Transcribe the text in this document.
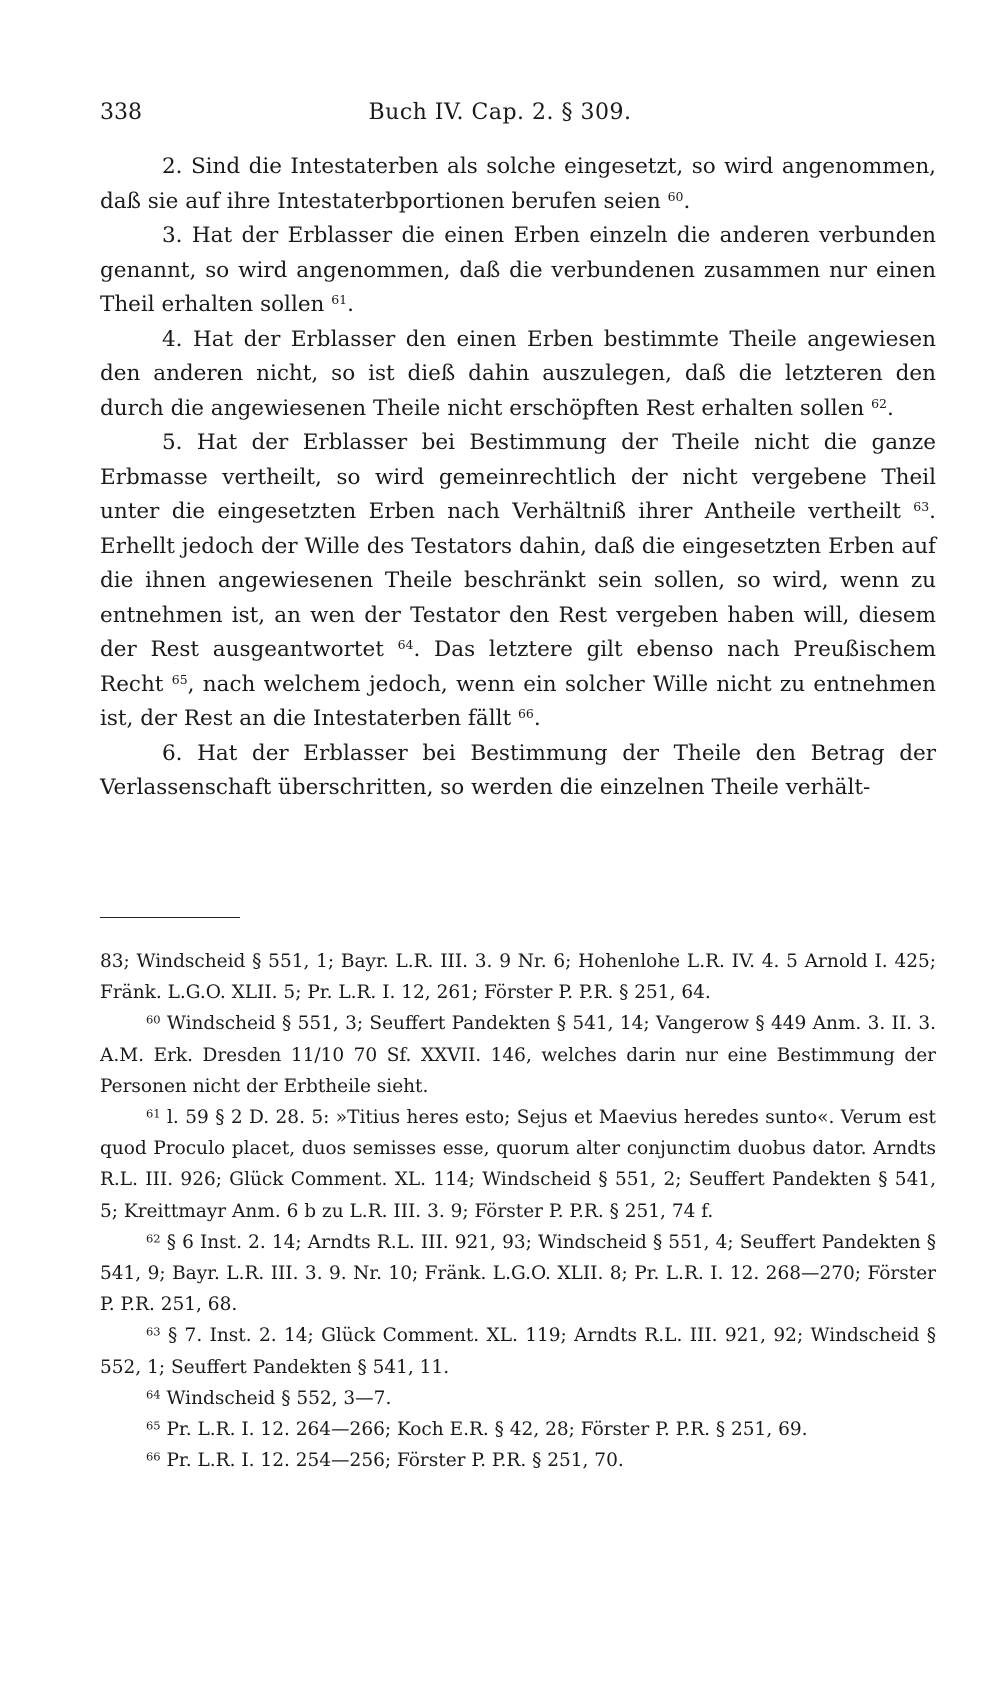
338	Buch IV. Cap. 2. § 309.

2. Sind die Intestaterben als solche eingesetzt, so wird angenommen, daß sie auf ihre Intestaterbportionen berufen seien $^{60}$.

3. Hat der Erblasser die einen Erben einzeln die anderen verbunden genannt, so wird angenommen, daß die verbundenen zusammen nur einen Theil erhalten sollen $^{61}$.

4. Hat der Erblasser den einen Erben bestimmte Theile angewiesen den anderen nicht, so ist dieß dahin auszulegen, daß die letzteren den durch die angewiesenen Theile nicht erschöpften Rest erhalten sollen $^{62}$.

5. Hat der Erblasser bei Bestimmung der Theile nicht die ganze Erbmasse vertheilt, so wird gemeinrechtlich der nicht vergebene Theil unter die eingesetzten Erben nach Verhältniß ihrer Antheile vertheilt $^{63}$. Erhellt jedoch der Wille des Testators dahin, daß die eingesetzten Erben auf die ihnen angewiesenen Theile beschränkt sein sollen, so wird, wenn zu entnehmen ist, an wen der Testator den Rest vergeben haben will, diesem der Rest ausgeantwortet $^{64}$. Das letztere gilt ebenso nach Preußischem Recht $^{65}$, nach welchem jedoch, wenn ein solcher Wille nicht zu entnehmen ist, der Rest an die Intestaterben fällt $^{66}$.

6. Hat der Erblasser bei Bestimmung der Theile den Betrag der Verlassenschaft überschritten, so werden die einzelnen Theile verhält-

83; Windscheid § 551, 1; Bayr. L.R. III. 3. 9 Nr. 6; Hohenlohe L.R. IV. 4. 5 Arnold I. 425; Fränk. L.G.O. XLII. 5; Pr. L.R. I. 12, 261; Förster P. P.R. § 251, 64.

$^{60}$ Windscheid § 551, 3; Seuffert Pandekten § 541, 14; Vangerow § 449 Anm. 3. II. 3. A.M. Erk. Dresden 11/10 70 Sf. XXVII. 146, welches darin nur eine Bestimmung der Personen nicht der Erbtheile sieht.

$^{61}$ l. 59 § 2 D. 28. 5: »Titius heres esto; Sejus et Maevius heredes sunto«. Verum est quod Proculo placet, duos semisses esse, quorum alter conjunctim duobus dator. Arndts R.L. III. 926; Glück Comment. XL. 114; Windscheid § 551, 2; Seuffert Pandekten § 541, 5; Kreittmayr Anm. 6 b zu L.R. III. 3. 9; Förster P. P.R. § 251, 74 f.

$^{62}$ § 6 Inst. 2. 14; Arndts R.L. III. 921, 93; Windscheid § 551, 4; Seuffert Pandekten § 541, 9; Bayr. L.R. III. 3. 9. Nr. 10; Fränk. L.G.O. XLII. 8; Pr. L.R. I. 12. 268—270; Förster P. P.R. 251, 68.

$^{63}$ § 7. Inst. 2. 14; Glück Comment. XL. 119; Arndts R.L. III. 921, 92; Windscheid § 552, 1; Seuffert Pandekten § 541, 11.

$^{64}$ Windscheid § 552, 3—7.

$^{65}$ Pr. L.R. I. 12. 264—266; Koch E.R. § 42, 28; Förster P. P.R. § 251, 69.

$^{66}$ Pr. L.R. I. 12. 254—256; Förster P. P.R. § 251, 70.
